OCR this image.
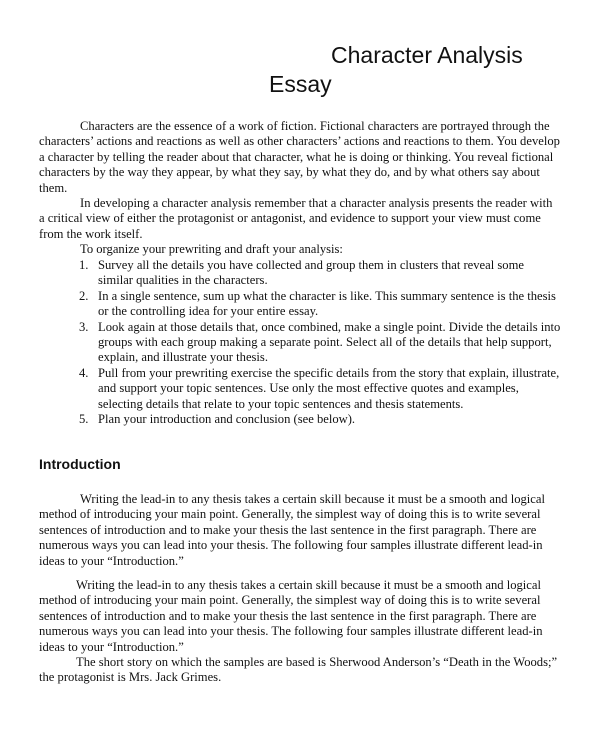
Character Analysis
Essay

Characters are the essence of a work of fiction. Fictional characters are portrayed through the characters’ actions and reactions as well as other characters’ actions and reactions to them. You develop a character by telling the reader about that character, what he is doing or thinking. You reveal fictional characters by the way they appear, by what they say, by what they do, and by what others say about them.

In developing a character analysis remember that a character analysis presents the reader with a critical view of either the protagonist or antagonist, and evidence to support your view must come from the work itself.

To organize your prewriting and draft your analysis:

1. Survey all the details you have collected and group them in clusters that reveal some similar qualities in the characters.
2. In a single sentence, sum up what the character is like. This summary sentence is the thesis or the controlling idea for your entire essay.
3. Look again at those details that, once combined, make a single point. Divide the details into groups with each group making a separate point. Select all of the details that help support, explain, and illustrate your thesis.
4. Pull from your prewriting exercise the specific details from the story that explain, illustrate, and support your topic sentences. Use only the most effective quotes and examples, selecting details that relate to your topic sentences and thesis statements.
5. Plan your introduction and conclusion (see below).
Introduction

Writing the lead-in to any thesis takes a certain skill because it must be a smooth and logical method of introducing your main point. Generally, the simplest way of doing this is to write several sentences of introduction and to make your thesis the last sentence in the first paragraph. There are numerous ways you can lead into your thesis. The following four samples illustrate different lead-in ideas to your “Introduction.”

Writing the lead-in to any thesis takes a certain skill because it must be a smooth and logical method of introducing your main point. Generally, the simplest way of doing this is to write several sentences of introduction and to make your thesis the last sentence in the first paragraph. There are numerous ways you can lead into your thesis. The following four samples illustrate different lead-in ideas to your “Introduction.”

The short story on which the samples are based is Sherwood Anderson’s “Death in the Woods;” the protagonist is Mrs. Jack Grimes.
